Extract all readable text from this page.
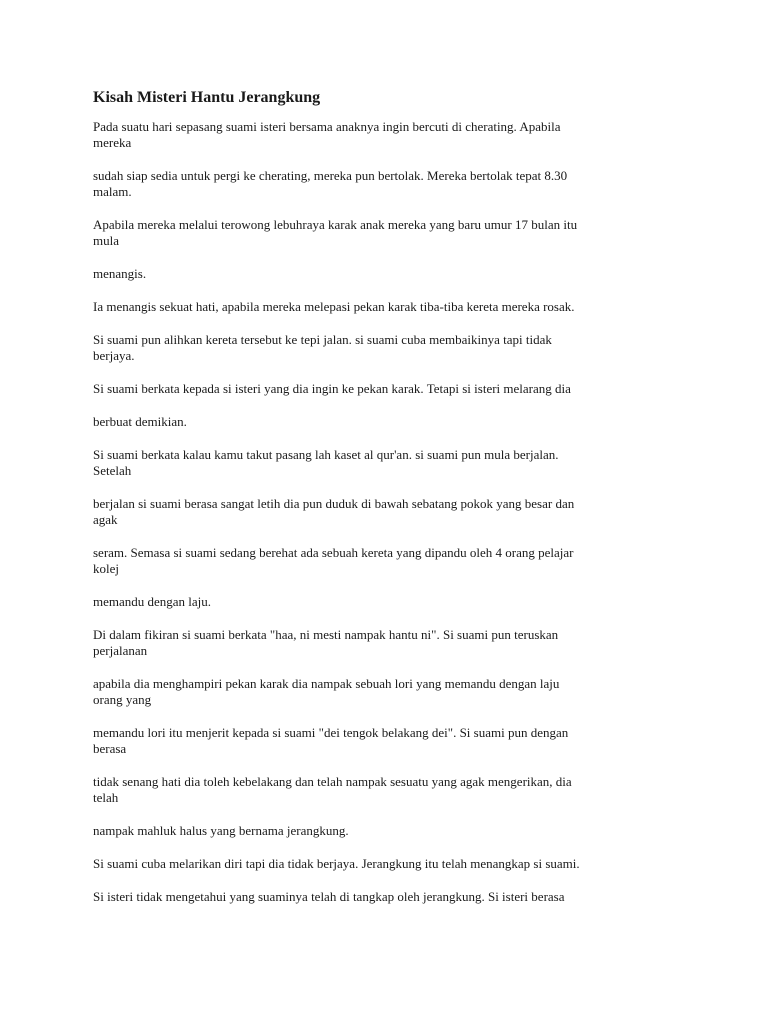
Kisah Misteri Hantu Jerangkung

Pada suatu hari sepasang suami isteri bersama anaknya ingin bercuti di cherating. Apabila
mereka

sudah siap sedia untuk pergi ke cherating, mereka pun bertolak. Mereka bertolak tepat 8.30
malam.

Apabila mereka melalui terowong lebuhraya karak anak mereka yang baru umur 17 bulan itu
mula

menangis.

Ia menangis sekuat hati, apabila mereka melepasi pekan karak tiba-tiba kereta mereka rosak.

Si suami pun alihkan kereta tersebut ke tepi jalan. si suami cuba membaikinya tapi tidak
berjaya.

Si suami berkata kepada si isteri yang dia ingin ke pekan karak. Tetapi si isteri melarang dia

berbuat demikian.

Si suami berkata kalau kamu takut pasang lah kaset al qur'an. si suami pun mula berjalan.
Setelah

berjalan si suami berasa sangat letih dia pun duduk di bawah sebatang pokok yang besar dan
agak

seram. Semasa si suami sedang berehat ada sebuah kereta yang dipandu oleh 4 orang pelajar
kolej

memandu dengan laju.

Di dalam fikiran si suami berkata "haa, ni mesti nampak hantu ni". Si suami pun teruskan
perjalanan

apabila dia menghampiri pekan karak dia nampak sebuah lori yang memandu dengan laju
orang yang

memandu lori itu menjerit kepada si suami "dei tengok belakang dei". Si suami pun dengan
berasa

tidak senang hati dia toleh kebelakang dan telah nampak sesuatu yang agak mengerikan, dia
telah

nampak mahluk halus yang bernama jerangkung.

Si suami cuba melarikan diri tapi dia tidak berjaya. Jerangkung itu telah menangkap si suami.

Si isteri tidak mengetahui yang suaminya telah di tangkap oleh jerangkung. Si isteri berasa
